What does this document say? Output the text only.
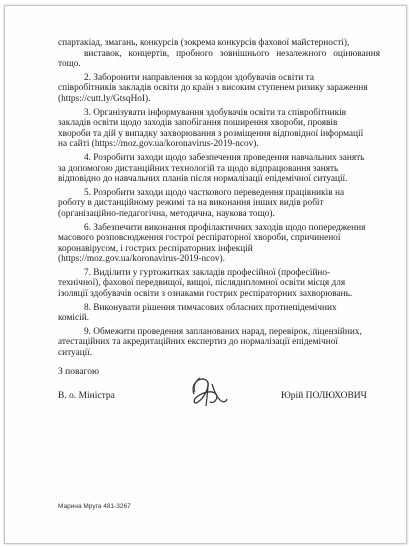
спартакіад, змагань, конкурсів (зокрема конкурсів фахової майстерності),

виставок, концертів, пробного зовнішнього незалежного оцінювання тощо.

2. Заборонити направлення за кордон здобувачів освіти та

співробітників закладів освіти до країн з високим ступенем ризику зараження

(https://cutt.ly/GtsqHoI).

3. Організувати інформування здобувачів освіти та співробітників

закладів освіти щодо заходів запобігання поширення хвороби, проявів

хвороби та дій у випадку захворювання з розміщення відповідної інформації

на сайті (https://moz.gov.ua/koronavirus-2019-ncov).

4. Розробити заходи щодо забезпечення проведення навчальних занять

за допомогою дистанційних технологій та щодо відпрацювання занять

відповідно до навчальних планів після нормалізації епідемічної ситуації.

5. Розробити заходи щодо часткового переведення працівників на

роботу в дистанційному режимі та на виконання інших видів робіт

(організаційно-педагогічна, методична, наукова тощо).

6. Забезпечити виконання профілактичних заходів щодо попередження

масового розповсюдження гострої респіраторної хвороби, спричиненої

коронавірусом, і гострих респіраторних інфекцій

(https://moz.gov.ua/koronavirus-2019-ncov).

7. Виділити у гуртожитках закладів професійної (професійно-

технічної), фахової передвищої, вищої, післядипломної освіти місця для

ізоляції здобувачів освіти з ознаками гострих респіраторних захворювань.

8. Виконувати рішення тимчасових обласних протиепідемічних

комісій.

9. Обмежити проведення запланованих нарад, перевірок, ліцензійних,

атестаційних та акредитаційних експертиз до нормалізації епідемічної

ситуації.

З повагою
В. о. Міністра	Юрій ПОЛЮХОВИЧ
Марина Мруга 481-3267
